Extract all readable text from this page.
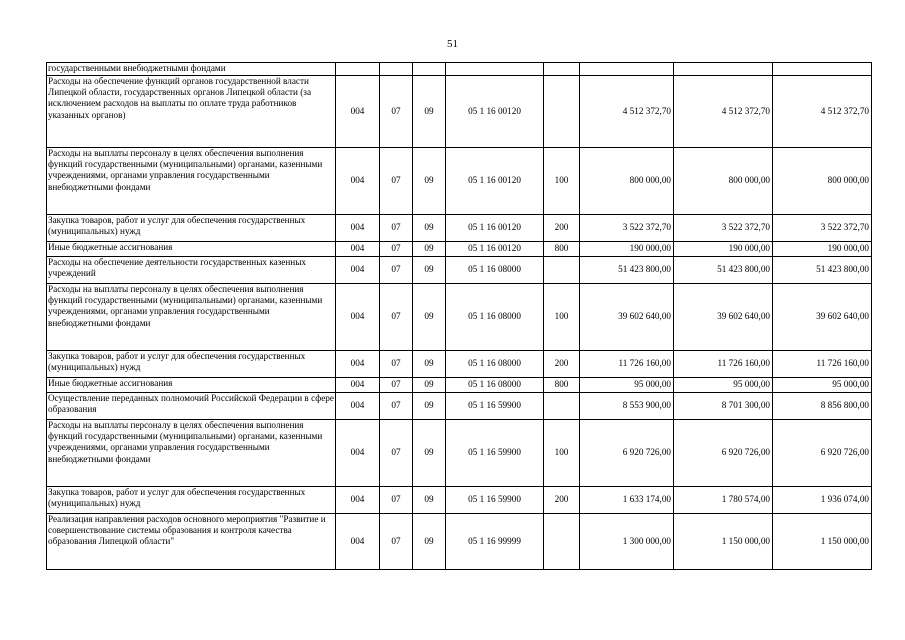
51
государственными внебюджетными фондами								
Расходы на обеспечение функций органов государственной власти Липецкой области, государственных органов Липецкой области (за исключением расходов на выплаты по оплате труда работников указанных органов)	004	07	09	05 1 16 00120		4 512 372,70	4 512 372,70	4 512 372,70
Расходы на выплаты персоналу в целях обеспечения выполнения функций государственными (муниципальными) органами, казенными учреждениями, органами управления государственными внебюджетными фондами	004	07	09	05 1 16 00120	100	800 000,00	800 000,00	800 000,00
Закупка товаров, работ и услуг для обеспечения государственных (муниципальных) нужд	004	07	09	05 1 16 00120	200	3 522 372,70	3 522 372,70	3 522 372,70
Иные бюджетные ассигнования	004	07	09	05 1 16 00120	800	190 000,00	190 000,00	190 000,00
Расходы на обеспечение деятельности государственных казенных учреждений	004	07	09	05 1 16 08000		51 423 800,00	51 423 800,00	51 423 800,00
Расходы на выплаты персоналу в целях обеспечения выполнения функций государственными (муниципальными) органами, казенными учреждениями, органами управления государственными внебюджетными фондами	004	07	09	05 1 16 08000	100	39 602 640,00	39 602 640,00	39 602 640,00
Закупка товаров, работ и услуг для обеспечения государственных (муниципальных) нужд	004	07	09	05 1 16 08000	200	11 726 160,00	11 726 160,00	11 726 160,00
Иные бюджетные ассигнования	004	07	09	05 1 16 08000	800	95 000,00	95 000,00	95 000,00
Осуществление переданных полномочий Российской Федерации в сфере образования	004	07	09	05 1 16 59900		8 553 900,00	8 701 300,00	8 856 800,00
Расходы на выплаты персоналу в целях обеспечения выполнения функций государственными (муниципальными) органами, казенными учреждениями, органами управления государственными внебюджетными фондами	004	07	09	05 1 16 59900	100	6 920 726,00	6 920 726,00	6 920 726,00
Закупка товаров, работ и услуг для обеспечения государственных (муниципальных) нужд	004	07	09	05 1 16 59900	200	1 633 174,00	1 780 574,00	1 936 074,00
Реализация направления расходов основного мероприятия "Развитие и совершенствование системы образования и контроля качества образования Липецкой области"	004	07	09	05 1 16 99999		1 300 000,00	1 150 000,00	1 150 000,00
